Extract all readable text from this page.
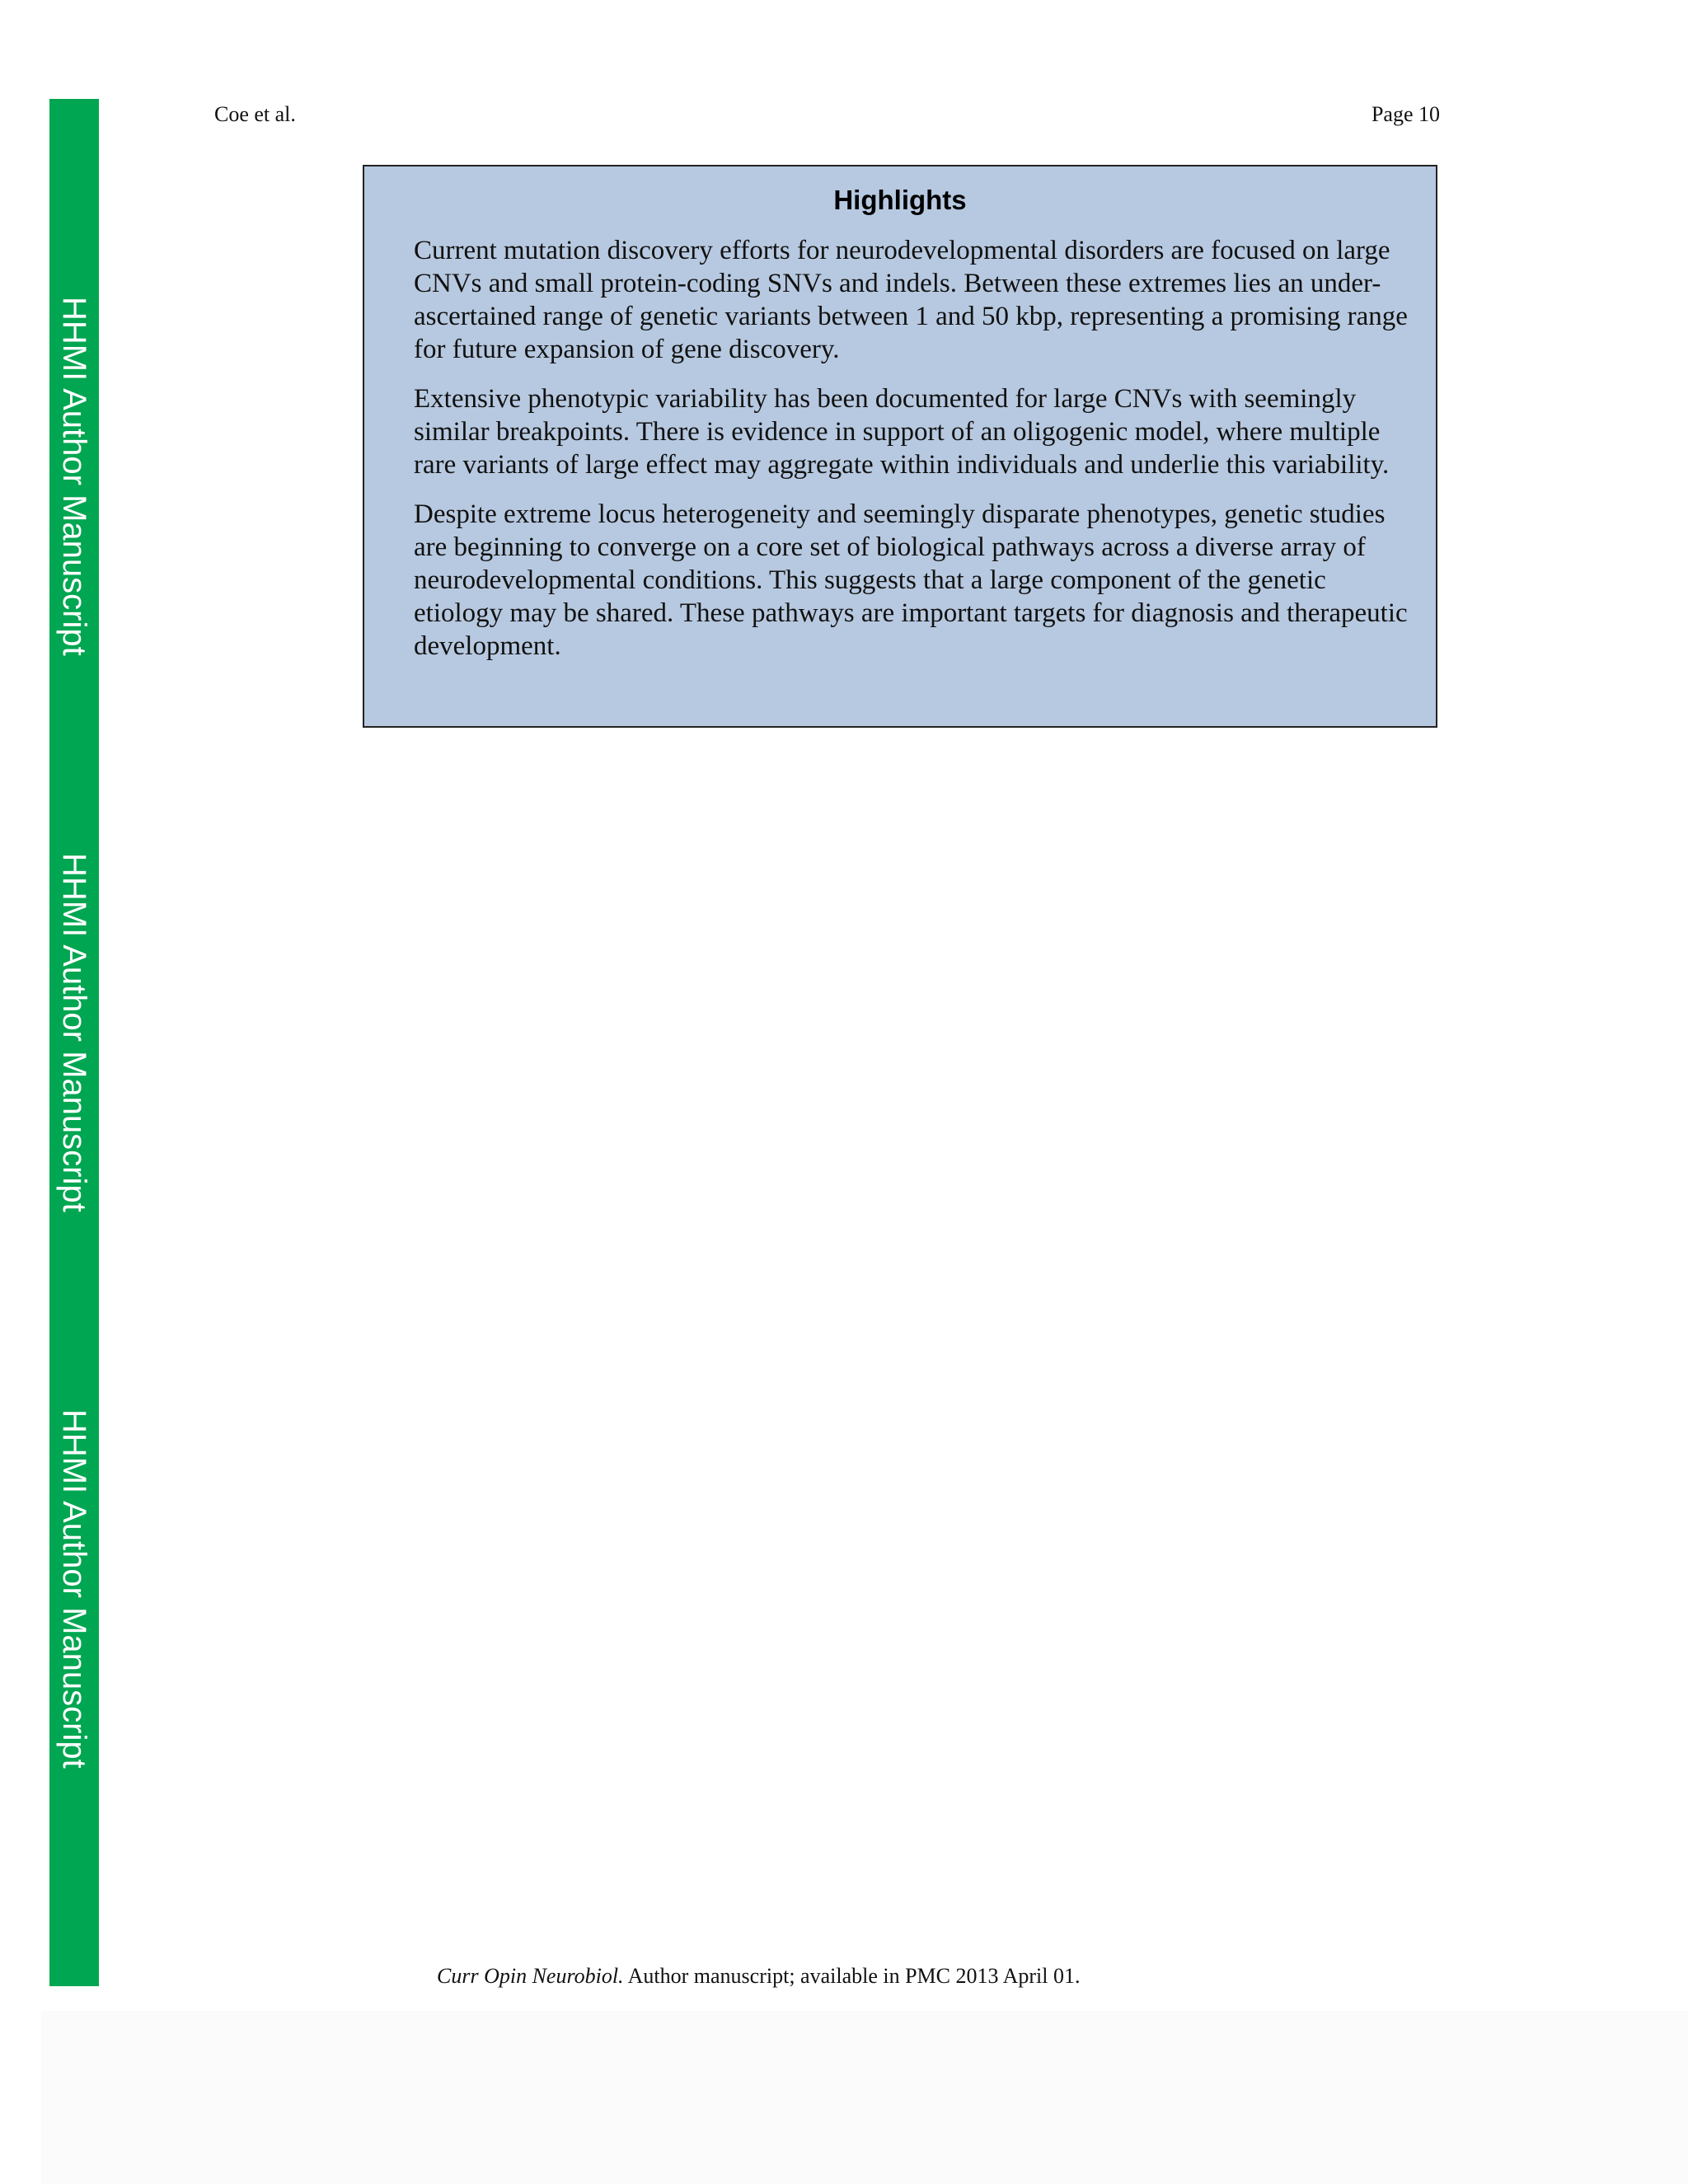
HHMI Author Manuscript
HHMI Author Manuscript
HHMI Author Manuscript
Coe et al.	Page 10
Highlights

Current mutation discovery efforts for neurodevelopmental disorders are focused on large CNVs and small protein-coding SNVs and indels. Between these extremes lies an under-ascertained range of genetic variants between 1 and 50 kbp, representing a promising range for future expansion of gene discovery.

Extensive phenotypic variability has been documented for large CNVs with seemingly similar breakpoints. There is evidence in support of an oligogenic model, where multiple rare variants of large effect may aggregate within individuals and underlie this variability.

Despite extreme locus heterogeneity and seemingly disparate phenotypes, genetic studies are beginning to converge on a core set of biological pathways across a diverse array of neurodevelopmental conditions. This suggests that a large component of the genetic etiology may be shared. These pathways are important targets for diagnosis and therapeutic development.

Curr Opin Neurobiol. Author manuscript; available in PMC 2013 April 01.
